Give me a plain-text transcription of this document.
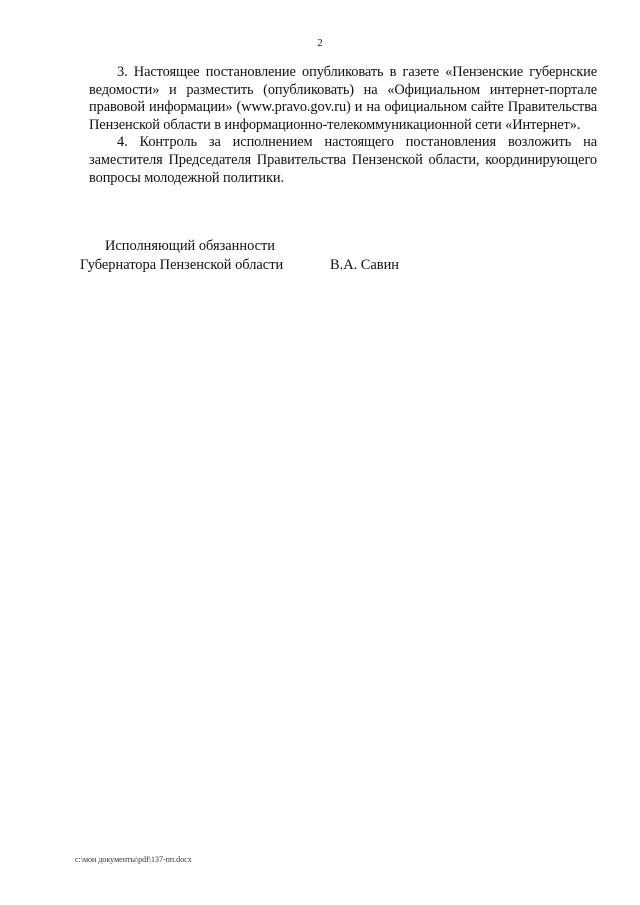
2

3. Настоящее постановление опубликовать в газете «Пензенские губернские ведомости» и разместить (опубликовать) на «Официальном интернет-портале правовой информации» (www.pravo.gov.ru) и на официальном сайте Правительства Пензенской области в информационно-телекоммуникационной сети «Интернет».

4. Контроль за исполнением настоящего постановления возложить на заместителя Председателя Правительства Пензенской области, координирующего вопросы молодежной политики.

Исполняющий обязанности
Губернатора Пензенской области	В.А. Савин
c:\мои документы\pdf\137-пп.docx
